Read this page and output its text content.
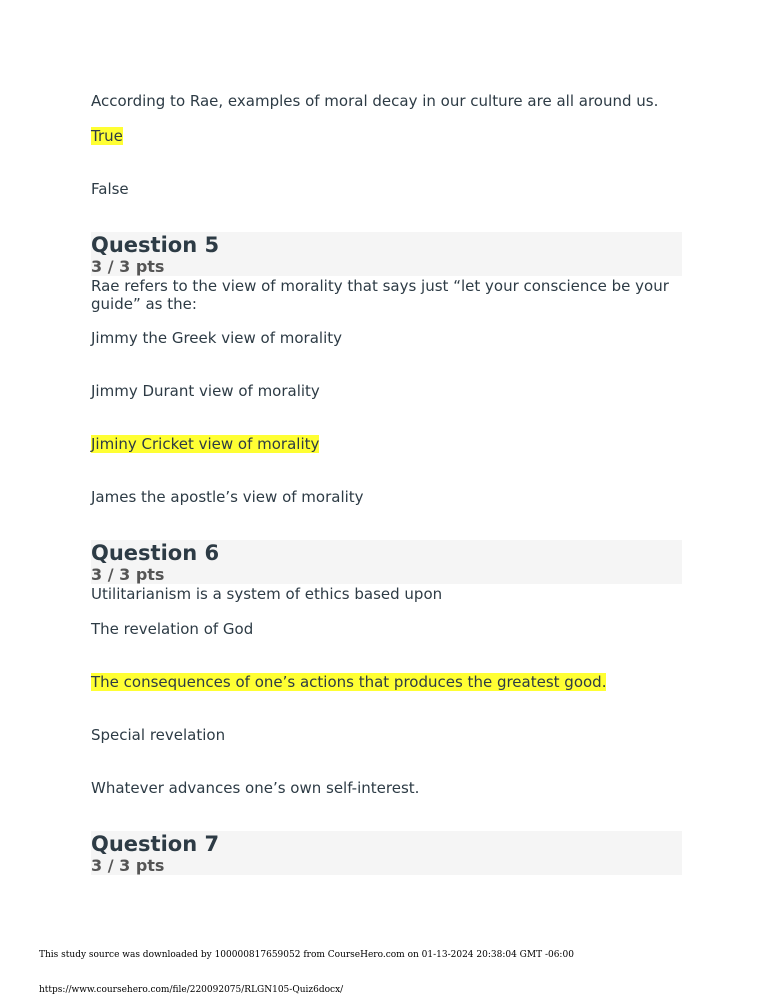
According to Rae, examples of moral decay in our culture are all around us.
True
False
Question 5
3 / 3 pts
Rae refers to the view of morality that says just “let your conscience be your guide” as the:
Jimmy the Greek view of morality
Jimmy Durant view of morality
Jiminy Cricket view of morality
James the apostle’s view of morality
Question 6
3 / 3 pts
Utilitarianism is a system of ethics based upon
The revelation of God
The consequences of one’s actions that produces the greatest good.
Special revelation
Whatever advances one’s own self-interest.
Question 7
3 / 3 pts
This study source was downloaded by 100000817659052 from CourseHero.com on 01-13-2024 20:38:04 GMT -06:00
https://www.coursehero.com/file/220092075/RLGN105-Quiz6docx/
